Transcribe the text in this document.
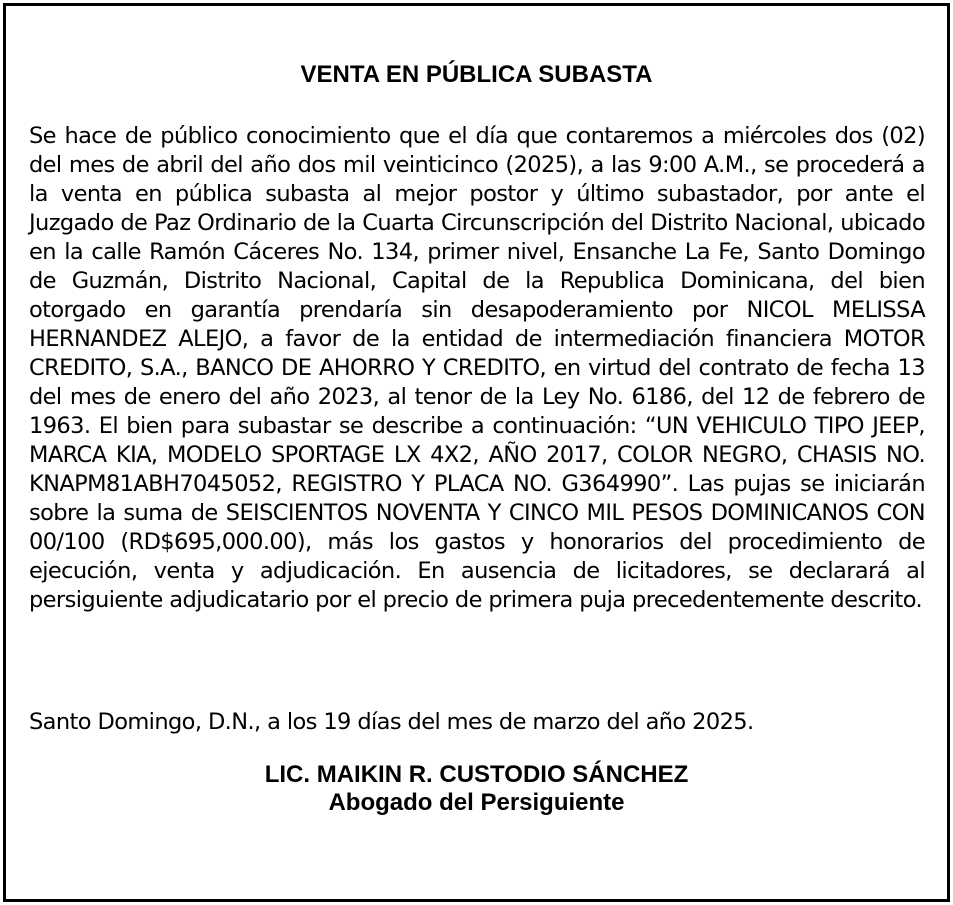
VENTA EN PÚBLICA SUBASTA

Se hace de público conocimiento que el día que contaremos a miércoles dos (02) del mes de abril del año dos mil veinticinco (2025), a las 9:00 A.M., se procederá a la venta en pública subasta al mejor postor y último subastador, por ante el Juzgado de Paz Ordinario de la Cuarta Circunscripción del Distrito Nacional, ubicado en la calle Ramón Cáceres No. 134, primer nivel, Ensanche La Fe, Santo Domingo de Guzmán, Distrito Nacional, Capital de la Republica Dominicana, del bien otorgado en garantía prendaría sin desapoderamiento por NICOL MELISSA HERNANDEZ ALEJO, a favor de la entidad de intermediación financiera MOTOR CREDITO, S.A., BANCO DE AHORRO Y CREDITO, en virtud del contrato de fecha 13 del mes de enero del año 2023, al tenor de la Ley No. 6186, del 12 de febrero de 1963. El bien para subastar se describe a continuación: “UN VEHICULO TIPO JEEP, MARCA KIA, MODELO SPORTAGE LX 4X2, AÑO 2017, COLOR NEGRO, CHASIS NO. KNAPM81ABH7045052, REGISTRO Y PLACA NO. G364990”. Las pujas se iniciarán sobre la suma de SEISCIENTOS NOVENTA Y CINCO MIL PESOS DOMINICANOS CON 00/100 (RD$695,000.00), más los gastos y honorarios del procedimiento de ejecución, venta y adjudicación. En ausencia de licitadores, se declarará al persiguiente adjudicatario por el precio de primera puja precedentemente descrito.

Santo Domingo, D.N., a los 19 días del mes de marzo del año 2025.

LIC. MAIKIN R. CUSTODIO SÁNCHEZ

Abogado del Persiguiente
